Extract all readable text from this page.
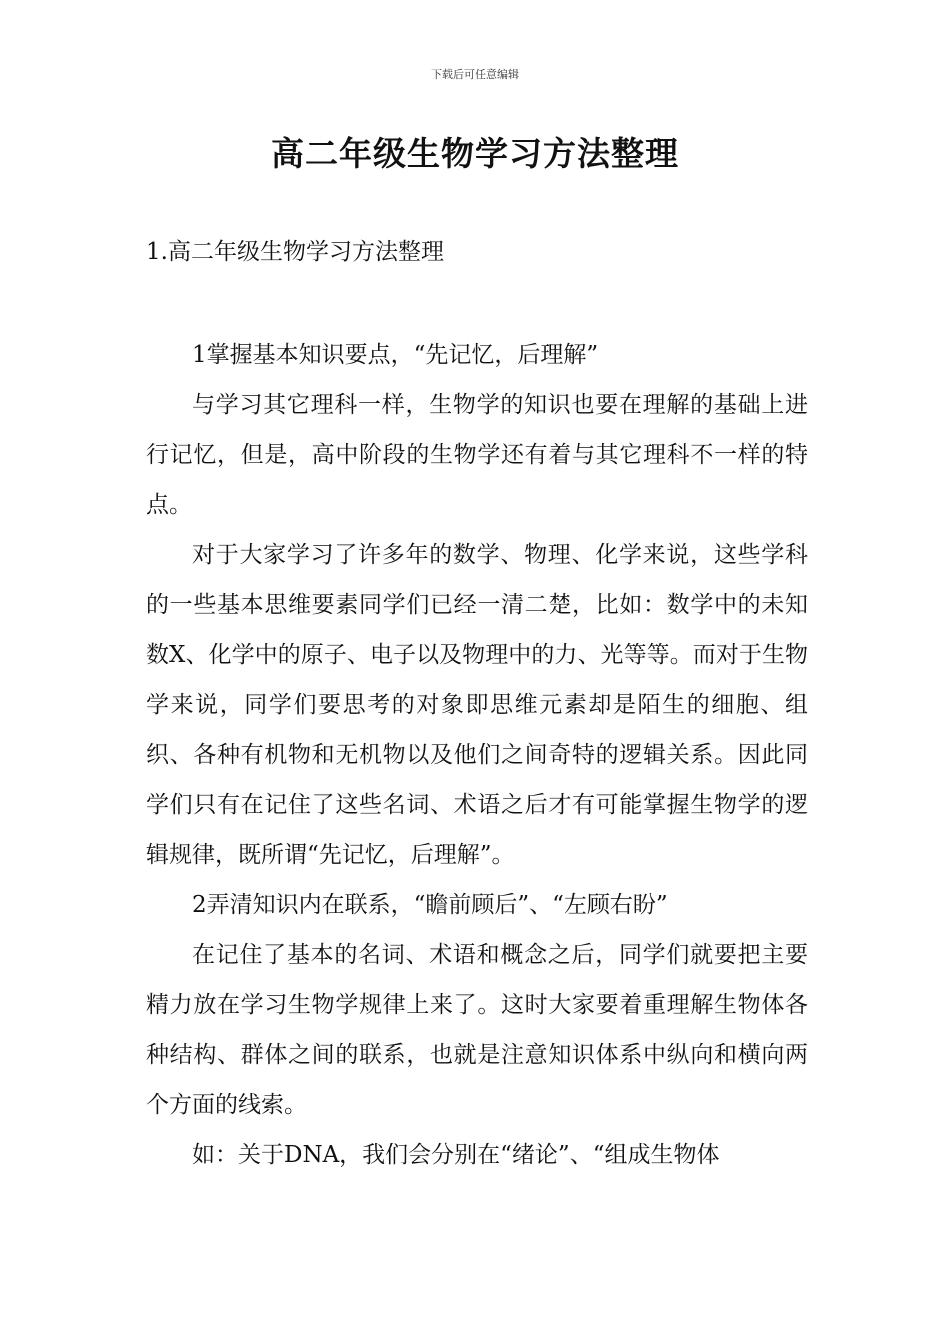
下载后可任意编辑
高二年级生物学习方法整理
1.高二年级生物学习方法整理

1掌握基本知识要点，“先记忆，后理解”

与学习其它理科一样，生物学的知识也要在理解的基础上进行记忆，但是，高中阶段的生物学还有着与其它理科不一样的特点。

对于大家学习了许多年的数学、物理、化学来说，这些学科的一些基本思维要素同学们已经一清二楚，比如：数学中的未知数X、化学中的原子、电子以及物理中的力、光等等。而对于生物学来说，同学们要思考的对象即思维元素却是陌生的细胞、组织、各种有机物和无机物以及他们之间奇特的逻辑关系。因此同学们只有在记住了这些名词、术语之后才有可能掌握生物学的逻辑规律，既所谓“先记忆，后理解”。

2弄清知识内在联系，“瞻前顾后”、“左顾右盼”

在记住了基本的名词、术语和概念之后，同学们就要把主要精力放在学习生物学规律上来了。这时大家要着重理解生物体各种结构、群体之间的联系，也就是注意知识体系中纵向和横向两个方面的线索。

如：关于DNA，我们会分别在“绪论”、“组成生物体
